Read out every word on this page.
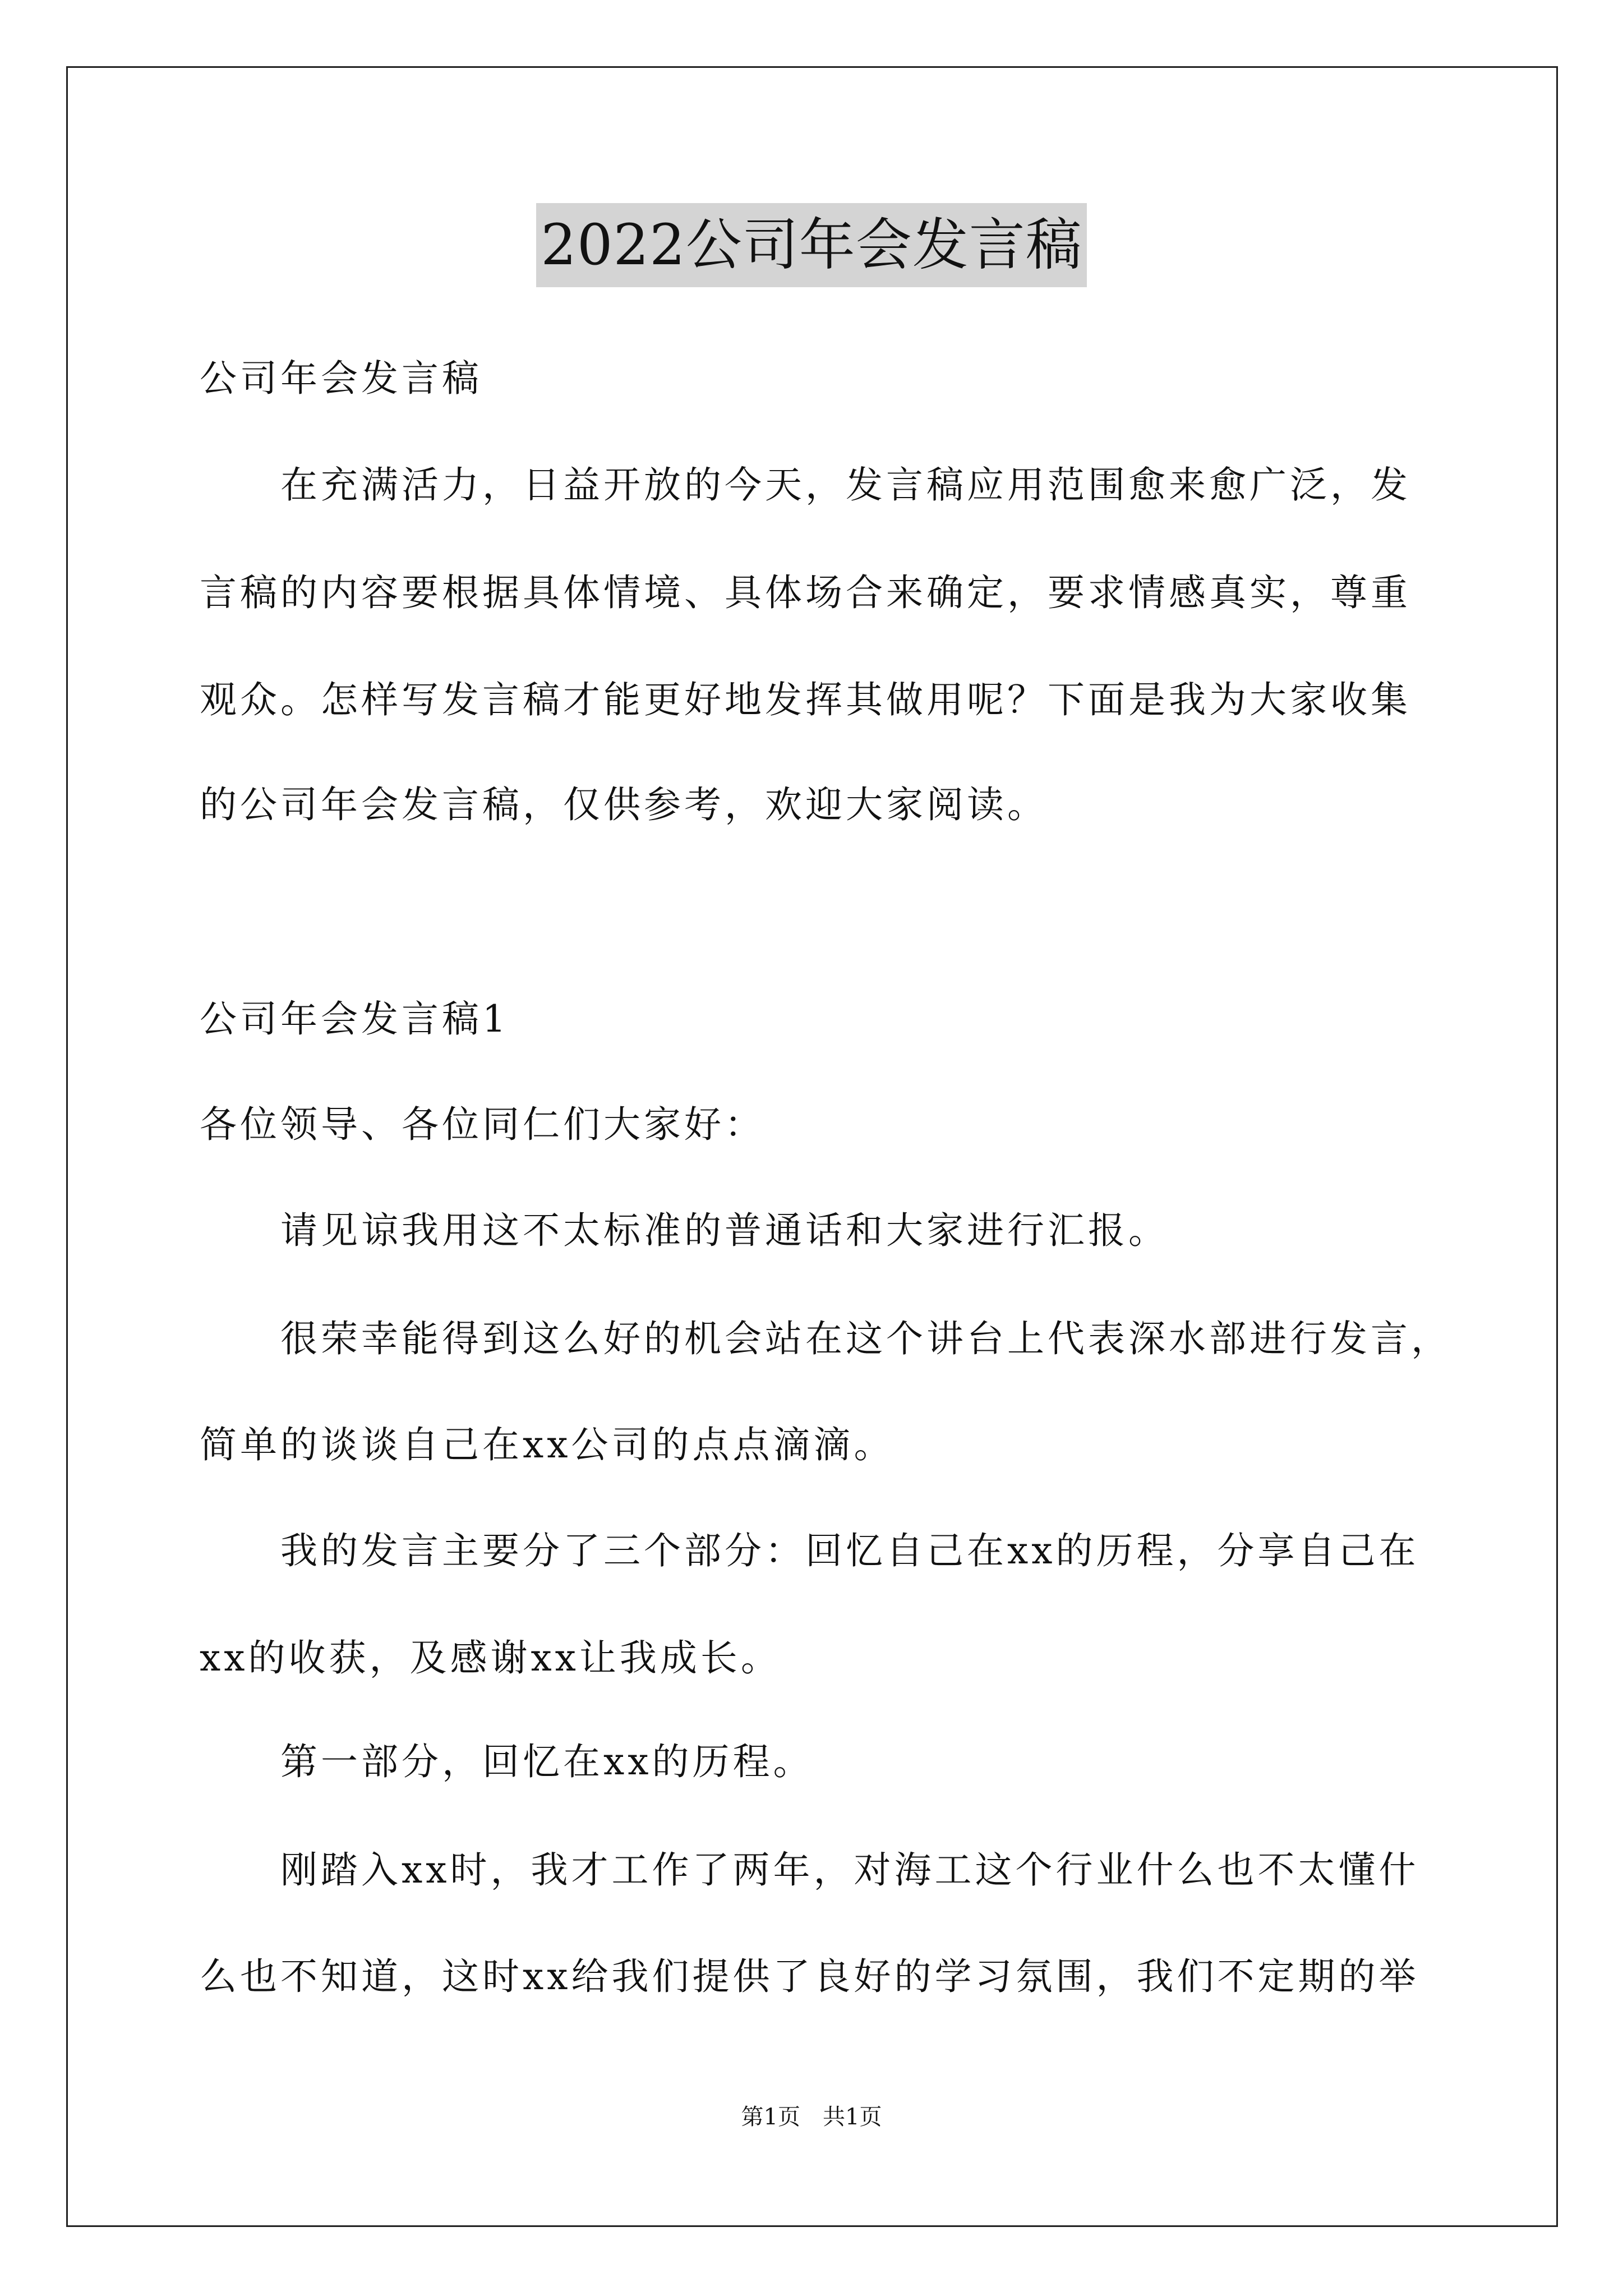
2022公司年会发言稿
公司年会发言稿
在充满活力，日益开放的今天，发言稿应用范围愈来愈广泛，发
言稿的内容要根据具体情境、具体场合来确定，要求情感真实，尊重
观众。怎样写发言稿才能更好地发挥其做用呢？下面是我为大家收集
的公司年会发言稿，仅供参考，欢迎大家阅读。
公司年会发言稿1
各位领导、各位同仁们大家好：
请见谅我用这不太标准的普通话和大家进行汇报。
很荣幸能得到这么好的机会站在这个讲台上代表深水部进行发言，
简单的谈谈自己在xx公司的点点滴滴。
我的发言主要分了三个部分：回忆自己在xx的历程，分享自己在
xx的收获，及感谢xx让我成长。
第一部分，回忆在xx的历程。
刚踏入xx时，我才工作了两年，对海工这个行业什么也不太懂什
么也不知道，这时xx给我们提供了良好的学习氛围，我们不定期的举
第1页　共1页
